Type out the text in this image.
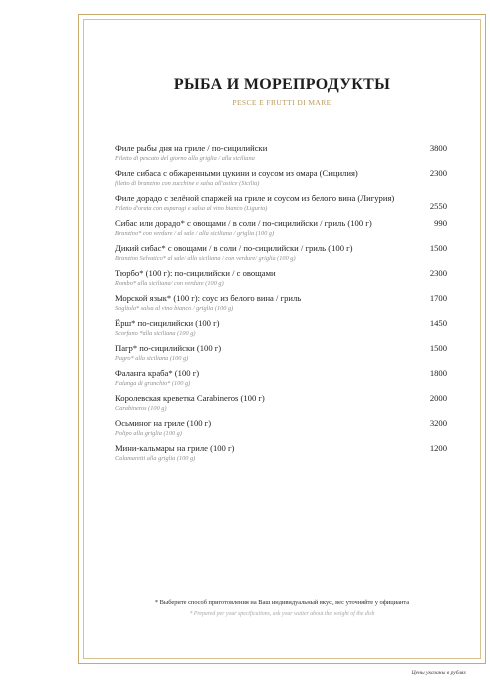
РЫБА И МОРЕПРОДУКТЫ
PESCE E FRUTTI DI MARE
Филе рыбы дня на гриле / по-сицилийски
Filetto di pescato del giorno alla griglia / alla siciliana
3800
Филе сибаса с обжаренными цукини и соусом из омара (Сицилия)
filetto di branzino con zucchine e salsa all'astice (Sicilia)
2300
Филе дорадо с зелёной спаржей на гриле и соусом из белого вина (Лигурия)
Filetto d'orata con asparagi e salsa al vino bianco (Liguria)	2550
Сибас или дорадо* с овощами / в соли / по-сицилийски / гриль (100 г)
Branzino* con verdure / al sale / alla siciliana / griglia (100 g)
990
Дикий сибас* с овощами / в соли / по-сицилийски / гриль (100 г)
Branzino Selvatico* al sale/ alla siciliana / con verdure/ griglia (100 g)
1500
Тюрбо* (100 г): по-сицилийски / с овощами
Rombo* alla siciliana/ con verdure (100 g)
2300
Морской язык* (100 г): соус из белого вина / гриль
Sogliola* salsa al vino bianco / griglia (100 g)
1700
Ёрш* по-сицилийски (100 г)
Scorfano *alla siciliana (100 g)
1450
Пагр* по-сицилийски (100 г)
Pagro* alla siciliana (100 g)
1500
Фаланга краба* (100 г)
Falanga di granchio* (100 g)
1800
Королевская креветка Carabineros (100 г)
Carabineros (100 g)
2000
Осьминог на гриле (100 г)
Polipo alla griglia (100 g)
3200
Мини-кальмары на гриле (100 г)
Calamaretti alla griglia (100 g)
1200
* Выберите способ приготовления на Ваш индивидуальный вкус, вес уточняйте у официанта
* Prepared per your specifications, ask your waiter about the weight of the dish
Цены указаны в рублях
